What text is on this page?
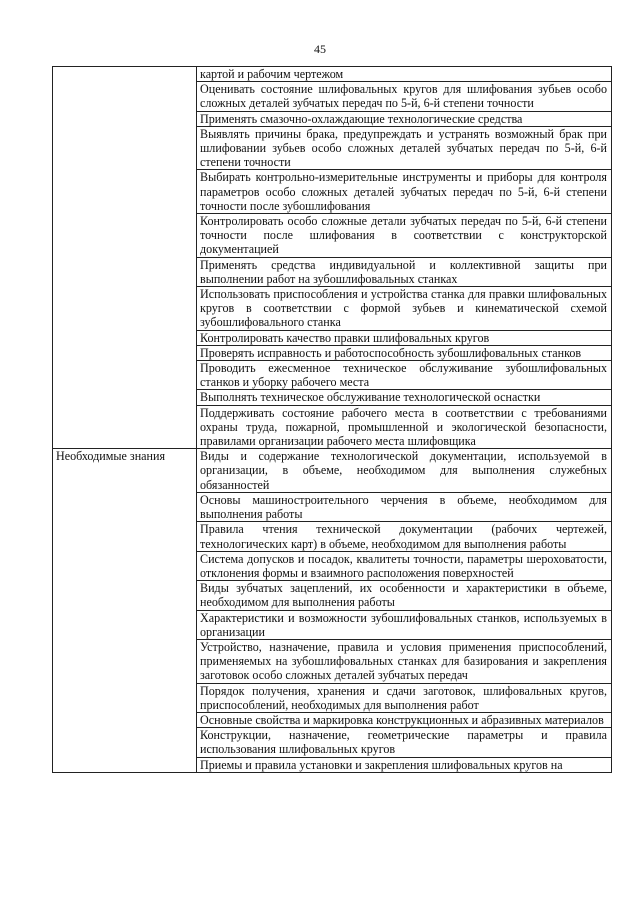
45
	картой и рабочим чертежом
	Оценивать состояние шлифовальных кругов для шлифования зубьев особо сложных деталей зубчатых передач по 5-й, 6-й степени точности
	Применять смазочно-охлаждающие технологические средства
	Выявлять причины брака, предупреждать и устранять возможный брак при шлифовании зубьев особо сложных деталей зубчатых передач по 5-й, 6-й степени точности
	Выбирать контрольно-измерительные инструменты и приборы для контроля параметров особо сложных деталей зубчатых передач по 5-й, 6-й степени точности после зубошлифования
	Контролировать особо сложные детали зубчатых передач по 5-й, 6-й степени точности после шлифования в соответствии с конструкторской документацией
	Применять средства индивидуальной и коллективной защиты при выполнении работ на зубошлифовальных станках
	Использовать приспособления и устройства станка для правки шлифовальных кругов в соответствии с формой зубьев и кинематической схемой зубошлифовального станка
	Контролировать качество правки шлифовальных кругов
	Проверять исправность и работоспособность зубошлифовальных станков
	Проводить ежесменное техническое обслуживание зубошлифовальных станков и уборку рабочего места
	Выполнять техническое обслуживание технологической оснастки
	Поддерживать состояние рабочего места в соответствии с требованиями охраны труда, пожарной, промышленной и экологической безопасности, правилами организации рабочего места шлифовщика
Необходимые знания	Виды и содержание технологической документации, используемой в организации, в объеме, необходимом для выполнения служебных обязанностей
	Основы машиностроительного черчения в объеме, необходимом для выполнения работы
	Правила чтения технической документации (рабочих чертежей, технологических карт) в объеме, необходимом для выполнения работы
	Система допусков и посадок, квалитеты точности, параметры шероховатости, отклонения формы и взаимного расположения поверхностей
	Виды зубчатых зацеплений, их особенности и характеристики в объеме, необходимом для выполнения работы
	Характеристики и возможности зубошлифовальных станков, используемых в организации
	Устройство, назначение, правила и условия применения приспособлений, применяемых на зубошлифовальных станках для базирования и закрепления заготовок особо сложных деталей зубчатых передач
	Порядок получения, хранения и сдачи заготовок, шлифовальных кругов, приспособлений, необходимых для выполнения работ
	Основные свойства и маркировка конструкционных и абразивных материалов
	Конструкции, назначение, геометрические параметры и правила использования шлифовальных кругов
	Приемы и правила установки и закрепления шлифовальных кругов на
